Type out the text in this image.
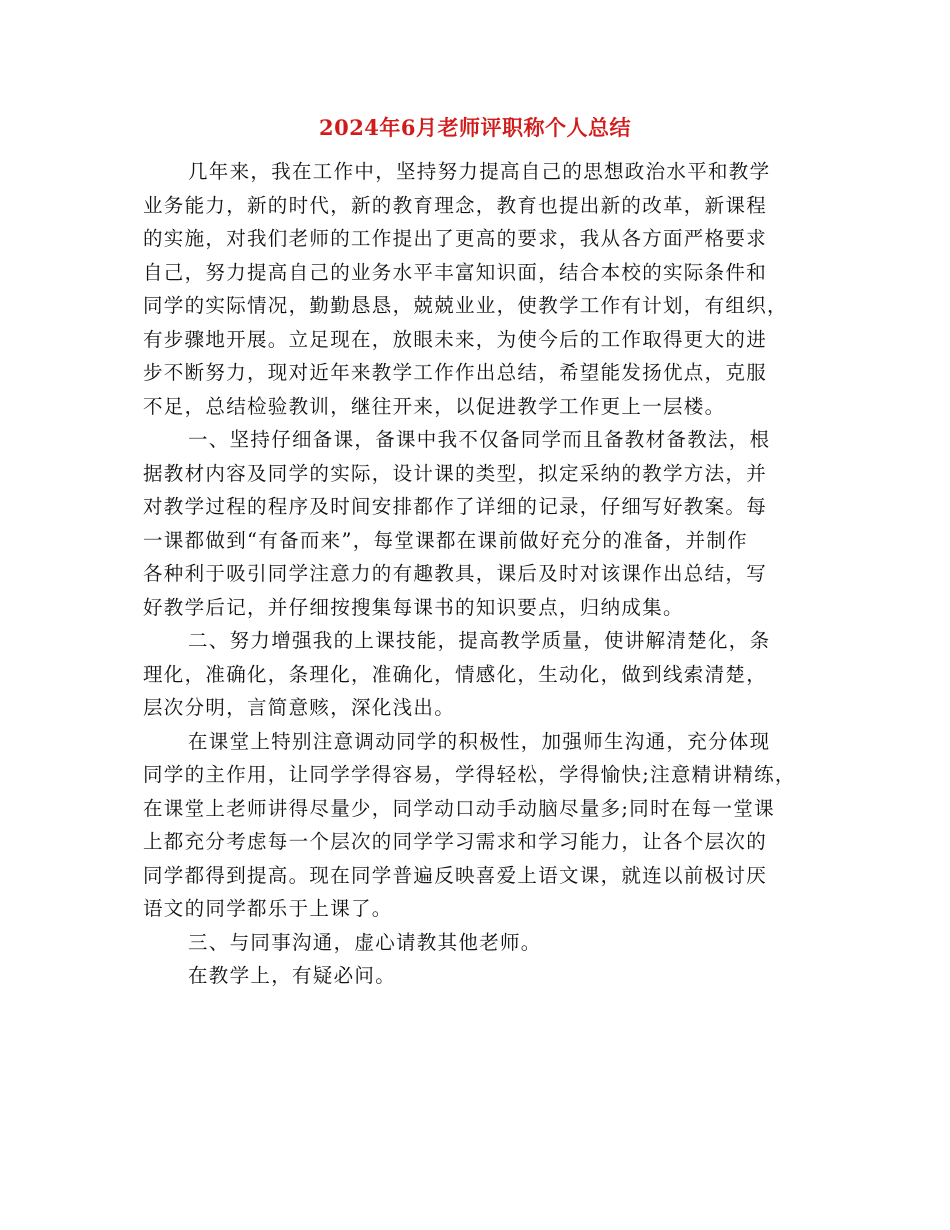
2024年6月老师评职称个人总结
几年来，我在工作中，坚持努力提高自己的思想政治水平和教学
业务能力，新的时代，新的教育理念，教育也提出新的改革，新课程
的实施，对我们老师的工作提出了更高的要求，我从各方面严格要求
自己，努力提高自己的业务水平丰富知识面，结合本校的实际条件和
同学的实际情况，勤勤恳恳，兢兢业业，使教学工作有计划，有组织，
有步骤地开展。立足现在，放眼未来，为使今后的工作取得更大的进
步不断努力，现对近年来教学工作作出总结，希望能发扬优点，克服
不足，总结检验教训，继往开来，以促进教学工作更上一层楼。
一、坚持仔细备课，备课中我不仅备同学而且备教材备教法，根
据教材内容及同学的实际，设计课的类型，拟定采纳的教学方法，并
对教学过程的程序及时间安排都作了详细的记录，仔细写好教案。每
一课都做到“有备而来”，每堂课都在课前做好充分的准备，并制作
各种利于吸引同学注意力的有趣教具，课后及时对该课作出总结，写
好教学后记，并仔细按搜集每课书的知识要点，归纳成集。
二、努力增强我的上课技能，提高教学质量，使讲解清楚化，条
理化，准确化，条理化，准确化，情感化，生动化，做到线索清楚，
层次分明，言简意赅，深化浅出。
在课堂上特别注意调动同学的积极性，加强师生沟通，充分体现
同学的主作用，让同学学得容易，学得轻松，学得愉快;注意精讲精练，
在课堂上老师讲得尽量少，同学动口动手动脑尽量多;同时在每一堂课
上都充分考虑每一个层次的同学学习需求和学习能力，让各个层次的
同学都得到提高。现在同学普遍反映喜爱上语文课，就连以前极讨厌
语文的同学都乐于上课了。
三、与同事沟通，虚心请教其他老师。
在教学上，有疑必问。
